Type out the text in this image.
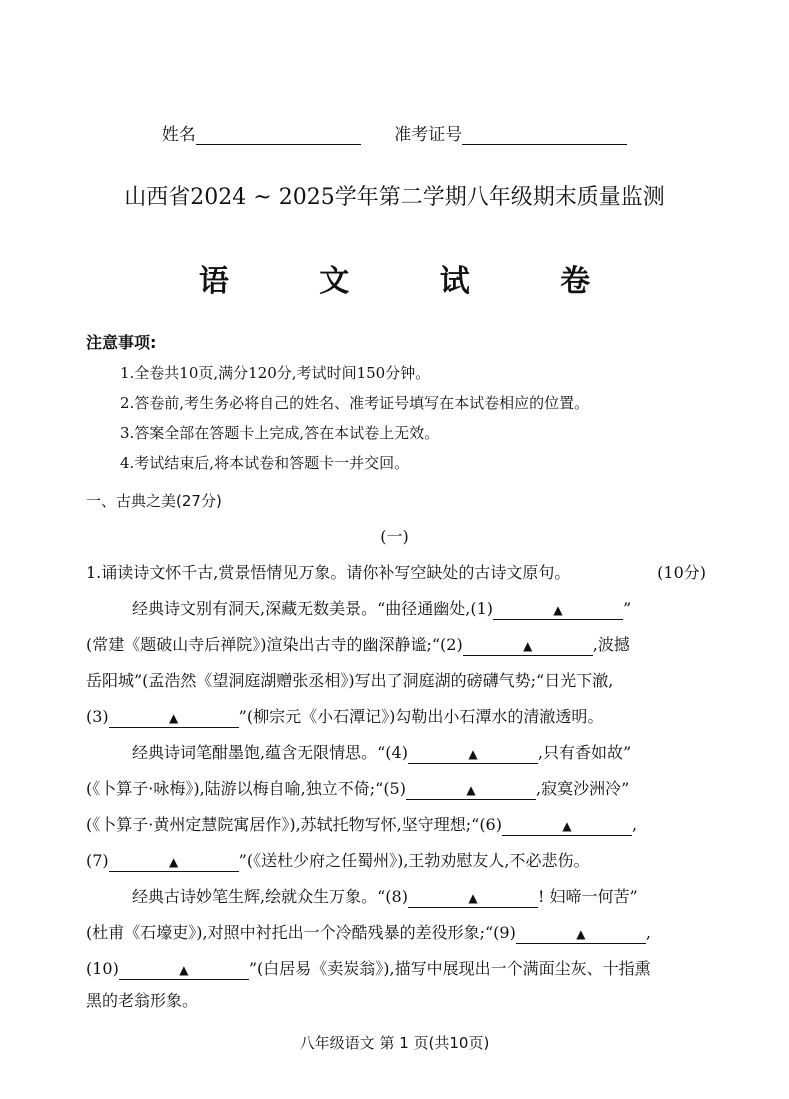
姓名	准考证号
山西省2024 ~ 2025学年第二学期八年级期末质量监测
语 文 试 卷
注意事项:
1.全卷共10页,满分120分,考试时间150分钟。
2.答卷前,考生务必将自己的姓名、准考证号填写在本试卷相应的位置。
3.答案全部在答题卡上完成,答在本试卷上无效。
4.考试结束后,将本试卷和答题卡一并交回。
一、古典之美(27分)
(一)
1.诵读诗文怀千古,赏景悟情见万象。请你补写空缺处的古诗文原句。	(10分)
经典诗文别有洞天,深藏无数美景。“曲径通幽处,(1)	▲	”
(常建《题破山寺后禅院》)渲染出古寺的幽深静谧;“(2)	▲	,波撼
岳阳城”(孟浩然《望洞庭湖赠张丞相》)写出了洞庭湖的磅礴气势;“日光下澈,
(3)	▲	”(柳宗元《小石潭记》)勾勒出小石潭水的清澈透明。
经典诗词笔酣墨饱,蕴含无限情思。“(4)	▲	,只有香如故”
(《卜算子·咏梅》),陆游以梅自喻,独立不倚;“(5)	▲	,寂寞沙洲冷”
(《卜算子·黄州定慧院寓居作》),苏轼托物写怀,坚守理想;“(6)	▲	,
(7)	▲	”(《送杜少府之任蜀州》),王勃劝慰友人,不必悲伤。
经典古诗妙笔生辉,绘就众生万象。“(8)	▲	! 妇啼一何苦”
(杜甫《石壕吏》),对照中衬托出一个冷酷残暴的差役形象;“(9)	▲	,
(10)	▲	”(白居易《卖炭翁》),描写中展现出一个满面尘灰、十指熏
黑的老翁形象。
八年级语文 第 1 页(共10页)
